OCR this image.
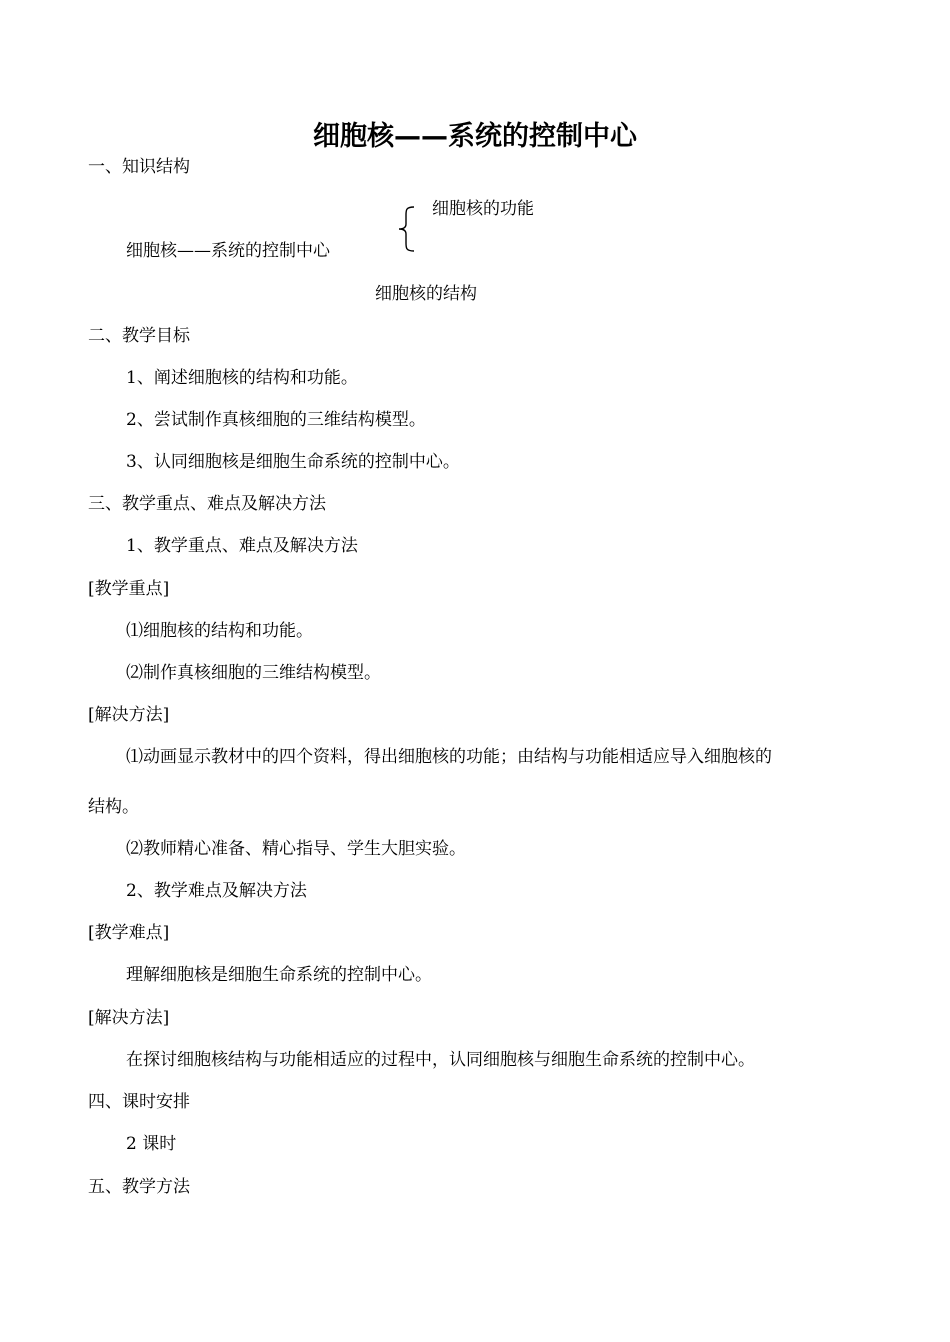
细胞核——系统的控制中心
一、知识结构
细胞核的功能
细胞核——系统的控制中心
细胞核的结构
二、教学目标
1、阐述细胞核的结构和功能。
2、尝试制作真核细胞的三维结构模型。
3、认同细胞核是细胞生命系统的控制中心。
三、教学重点、难点及解决方法
1、教学重点、难点及解决方法
[教学重点]
⑴细胞核的结构和功能。
⑵制作真核细胞的三维结构模型。
[解决方法]
⑴动画显示教材中的四个资料，得出细胞核的功能；由结构与功能相适应导入细胞核的
结构。
⑵教师精心准备、精心指导、学生大胆实验。
2、教学难点及解决方法
[教学难点]
理解细胞核是细胞生命系统的控制中心。
[解决方法]
在探讨细胞核结构与功能相适应的过程中，认同细胞核与细胞生命系统的控制中心。
四、课时安排
2 课时
五、教学方法
